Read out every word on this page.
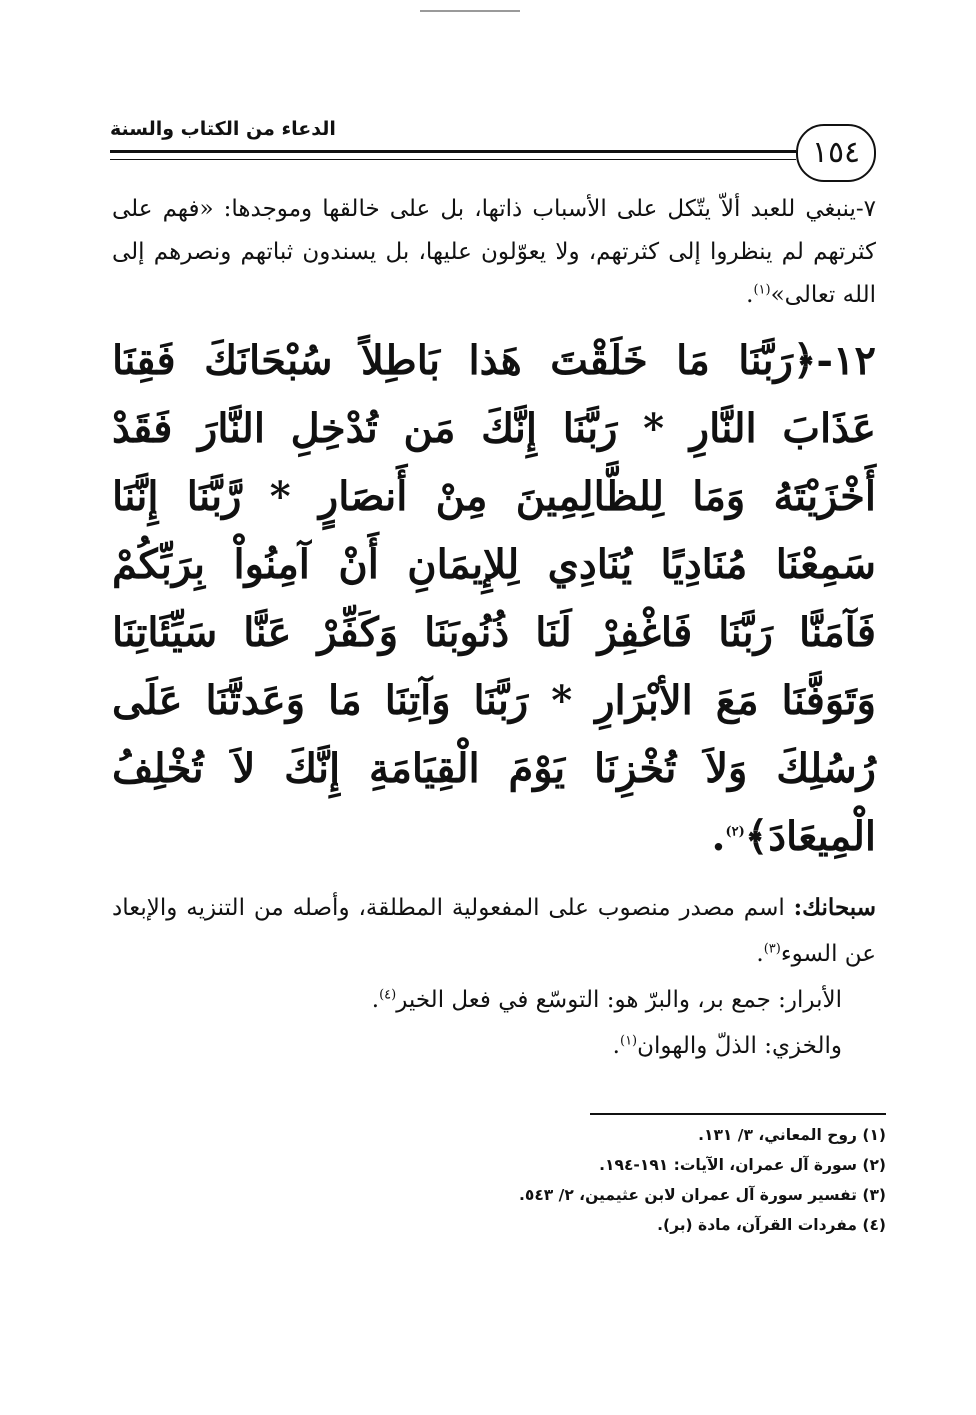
الدعاء من الكتاب والسنة
١٥٤

٧-ينبغي للعبد ألاّ يتّكل على الأسباب ذاتها، بل على خالقها وموجدها: «فهم على كثرتهم لم ينظروا إلى كثرتهم، ولا يعوّلون عليها، بل يسندون ثباتهم ونصرهم إلى الله تعالى»$^{(١)}$.

١٢-﴿رَبَّنَا مَا خَلَقْتَ هَذا بَاطِلاً سُبْحَانَكَ فَقِنَا عَذَابَ النَّارِ * رَبَّنَا إِنَّكَ مَن تُدْخِلِ النَّارَ فَقَدْ أَخْزَيْتَهُ وَمَا لِلظَّالِمِينَ مِنْ أَنصَارٍ * رَّبَّنَا إِنَّنَا سَمِعْنَا مُنَادِيًا يُنَادِي لِلإِيمَانِ أَنْ آمِنُواْ بِرَبِّكُمْ فَآمَنَّا رَبَّنَا فَاغْفِرْ لَنَا ذُنُوبَنَا وَكَفِّرْ عَنَّا سَيِّئَاتِنَا وَتَوَفَّنَا مَعَ الأبْرَارِ * رَبَّنَا وَآتِنَا مَا وَعَدتَّنَا عَلَى رُسُلِكَ وَلاَ تُخْزِنَا يَوْمَ الْقِيَامَةِ إِنَّكَ لاَ تُخْلِفُ الْمِيعَادَ﴾$^{(٢)}$.

سبحانك: اسم مصدر منصوب على المفعولية المطلقة، وأصله من التنزيه والإبعاد عن السوء$^{(٣)}$.

الأبرار: جمع بر، والبرّ هو: التوسّع في فعل الخير$^{(٤)}$.

والخزي: الذلّ والهوان$^{(١)}$.

(١) روح المعاني، ٣/ ١٣١.
(٢) سورة آل عمران، الآيات: ١٩١-١٩٤.
(٣) تفسير سورة آل عمران لابن عثيمين، ٢/ ٥٤٣.
(٤) مفردات القرآن، مادة (بر).
